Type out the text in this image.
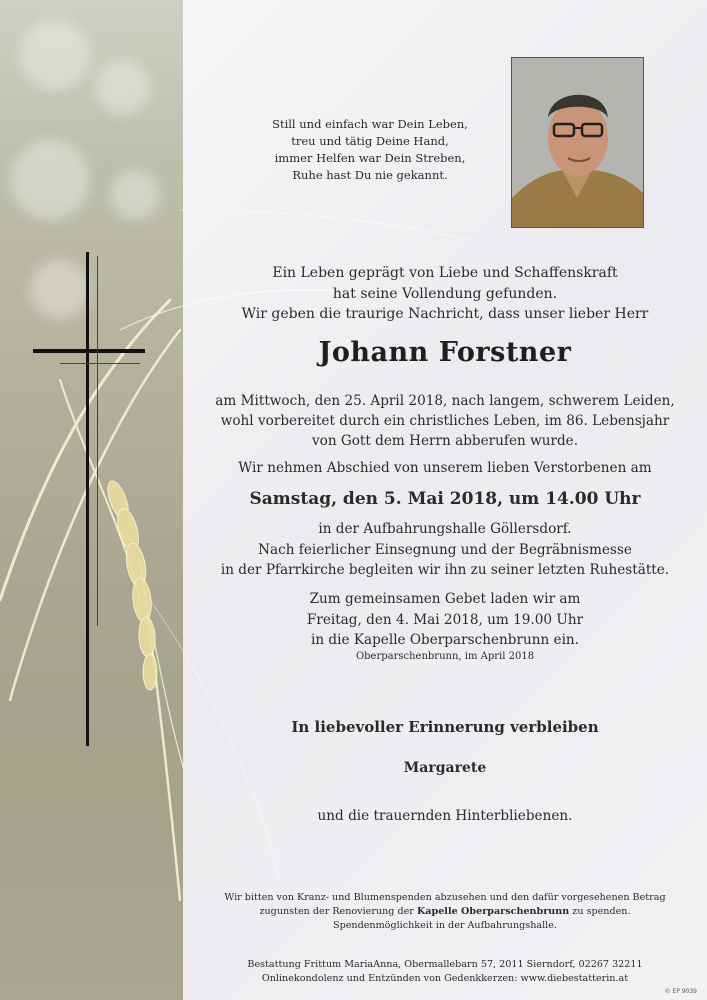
Still und einfach war Dein Leben,
treu und tätig Deine Hand,
immer Helfen war Dein Streben,
Ruhe hast Du nie gekannt.
Ein Leben geprägt von Liebe und Schaffenskraft
hat seine Vollendung gefunden.
Wir geben die traurige Nachricht, dass unser lieber Herr
Johann Forstner
am Mittwoch, den 25. April 2018, nach langem, schwerem Leiden,
wohl vorbereitet durch ein christliches Leben, im 86. Lebensjahr
von Gott dem Herrn abberufen wurde.
Wir nehmen Abschied von unserem lieben Verstorbenen am
Samstag, den 5. Mai 2018, um 14.00 Uhr
in der Aufbahrungshalle Göllersdorf.
Nach feierlicher Einsegnung und der Begräbnismesse
in der Pfarrkirche begleiten wir ihn zu seiner letzten Ruhestätte.
Zum gemeinsamen Gebet laden wir am
Freitag, den 4. Mai 2018, um 19.00 Uhr
in die Kapelle Oberparschenbrunn ein.
Oberparschenbrunn, im April 2018
In liebevoller Erinnerung verbleiben
Margarete
und die trauernden Hinterbliebenen.
Wir bitten von Kranz- und Blumenspenden abzusehen und den dafür vorgesehenen Betrag
zugunsten der Renovierung der Kapelle Oberparschenbrunn zu spenden.
Spendenmöglichkeit in der Aufbahrungshalle.
Bestattung Frittum MariaAnna, Obermallebarn 57, 2011 Sierndorf, 02267 32211
Onlinekondolenz und Entzünden von Gedenkkerzen: www.diebestatterin.at
© EP 9039
